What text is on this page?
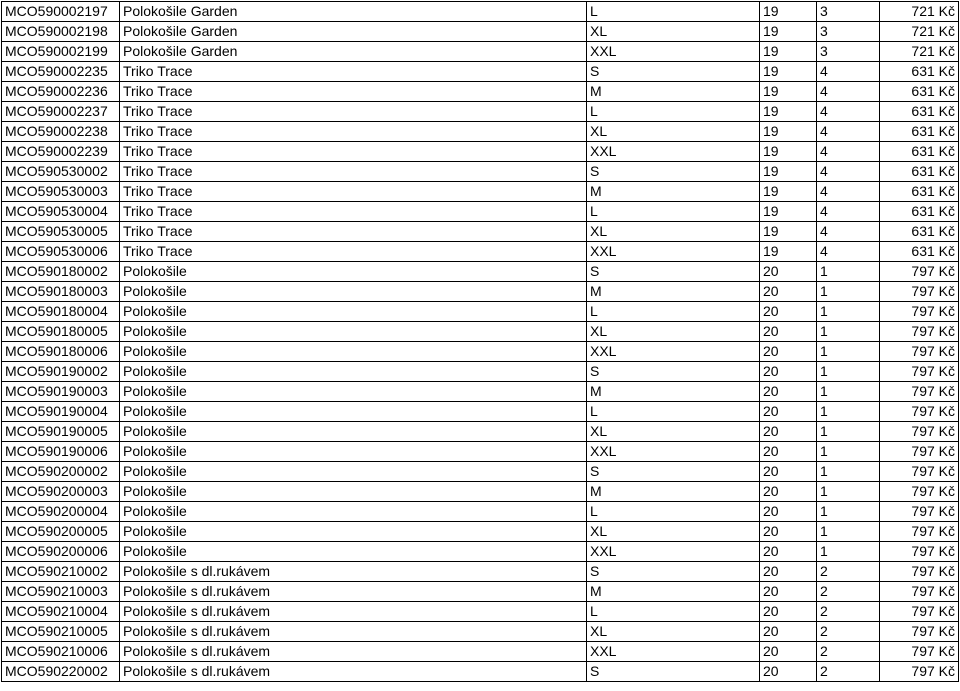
MCO590002197	Polokošile Garden	L	19	3	721 Kč
MCO590002198	Polokošile Garden	XL	19	3	721 Kč
MCO590002199	Polokošile Garden	XXL	19	3	721 Kč
MCO590002235	Triko Trace	S	19	4	631 Kč
MCO590002236	Triko Trace	M	19	4	631 Kč
MCO590002237	Triko Trace	L	19	4	631 Kč
MCO590002238	Triko Trace	XL	19	4	631 Kč
MCO590002239	Triko Trace	XXL	19	4	631 Kč
MCO590530002	Triko Trace	S	19	4	631 Kč
MCO590530003	Triko Trace	M	19	4	631 Kč
MCO590530004	Triko Trace	L	19	4	631 Kč
MCO590530005	Triko Trace	XL	19	4	631 Kč
MCO590530006	Triko Trace	XXL	19	4	631 Kč
MCO590180002	Polokošile	S	20	1	797 Kč
MCO590180003	Polokošile	M	20	1	797 Kč
MCO590180004	Polokošile	L	20	1	797 Kč
MCO590180005	Polokošile	XL	20	1	797 Kč
MCO590180006	Polokošile	XXL	20	1	797 Kč
MCO590190002	Polokošile	S	20	1	797 Kč
MCO590190003	Polokošile	M	20	1	797 Kč
MCO590190004	Polokošile	L	20	1	797 Kč
MCO590190005	Polokošile	XL	20	1	797 Kč
MCO590190006	Polokošile	XXL	20	1	797 Kč
MCO590200002	Polokošile	S	20	1	797 Kč
MCO590200003	Polokošile	M	20	1	797 Kč
MCO590200004	Polokošile	L	20	1	797 Kč
MCO590200005	Polokošile	XL	20	1	797 Kč
MCO590200006	Polokošile	XXL	20	1	797 Kč
MCO590210002	Polokošile s dl.rukávem	S	20	2	797 Kč
MCO590210003	Polokošile s dl.rukávem	M	20	2	797 Kč
MCO590210004	Polokošile s dl.rukávem	L	20	2	797 Kč
MCO590210005	Polokošile s dl.rukávem	XL	20	2	797 Kč
MCO590210006	Polokošile s dl.rukávem	XXL	20	2	797 Kč
MCO590220002	Polokošile s dl.rukávem	S	20	2	797 Kč
